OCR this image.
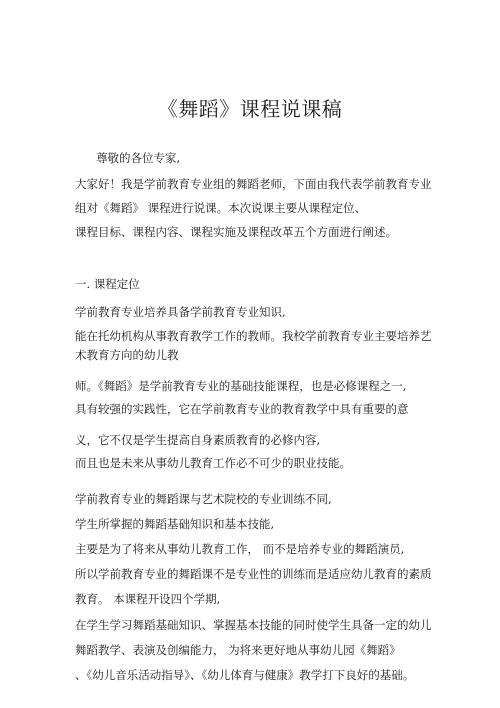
《舞蹈》课程说课稿
尊敬的各位专家,
大家好！我是学前教育专业组的舞蹈老师，下面由我代表学前教育专业
组对《舞蹈》 课程进行说课。本次说课主要从课程定位、
课程目标、课程内容、课程实施及课程改革五个方面进行阐述。
一. 课程定位
学前教育专业培养具备学前教育专业知识,
能在托幼机构从事教育教学工作的教师。我校学前教育专业主要培养艺
术教育方向的幼儿教
师。《舞蹈》是学前教育专业的基础技能课程，也是必修课程之一,
具有较强的实践性，它在学前教育专业的教育教学中具有重要的意
义，它不仅是学生提高自身素质教育的必修内容,
而且也是未来从事幼儿教育工作必不可少的职业技能。
学前教育专业的舞蹈课与艺术院校的专业训练不同,
学生所掌握的舞蹈基础知识和基本技能,
主要是为了将来从事幼儿教育工作， 而不是培养专业的舞蹈演员,
所以学前教育专业的舞蹈课不是专业性的训练而是适应幼儿教育的素质
教育。 本课程开设四个学期,
在学生学习舞蹈基础知识、掌握基本技能的同时使学生具备一定的幼儿
舞蹈教学、表演及创编能力， 为将来更好地从事幼儿园《舞蹈》
、《幼儿音乐活动指导》、《幼儿体育与健康》教学打下良好的基础。
